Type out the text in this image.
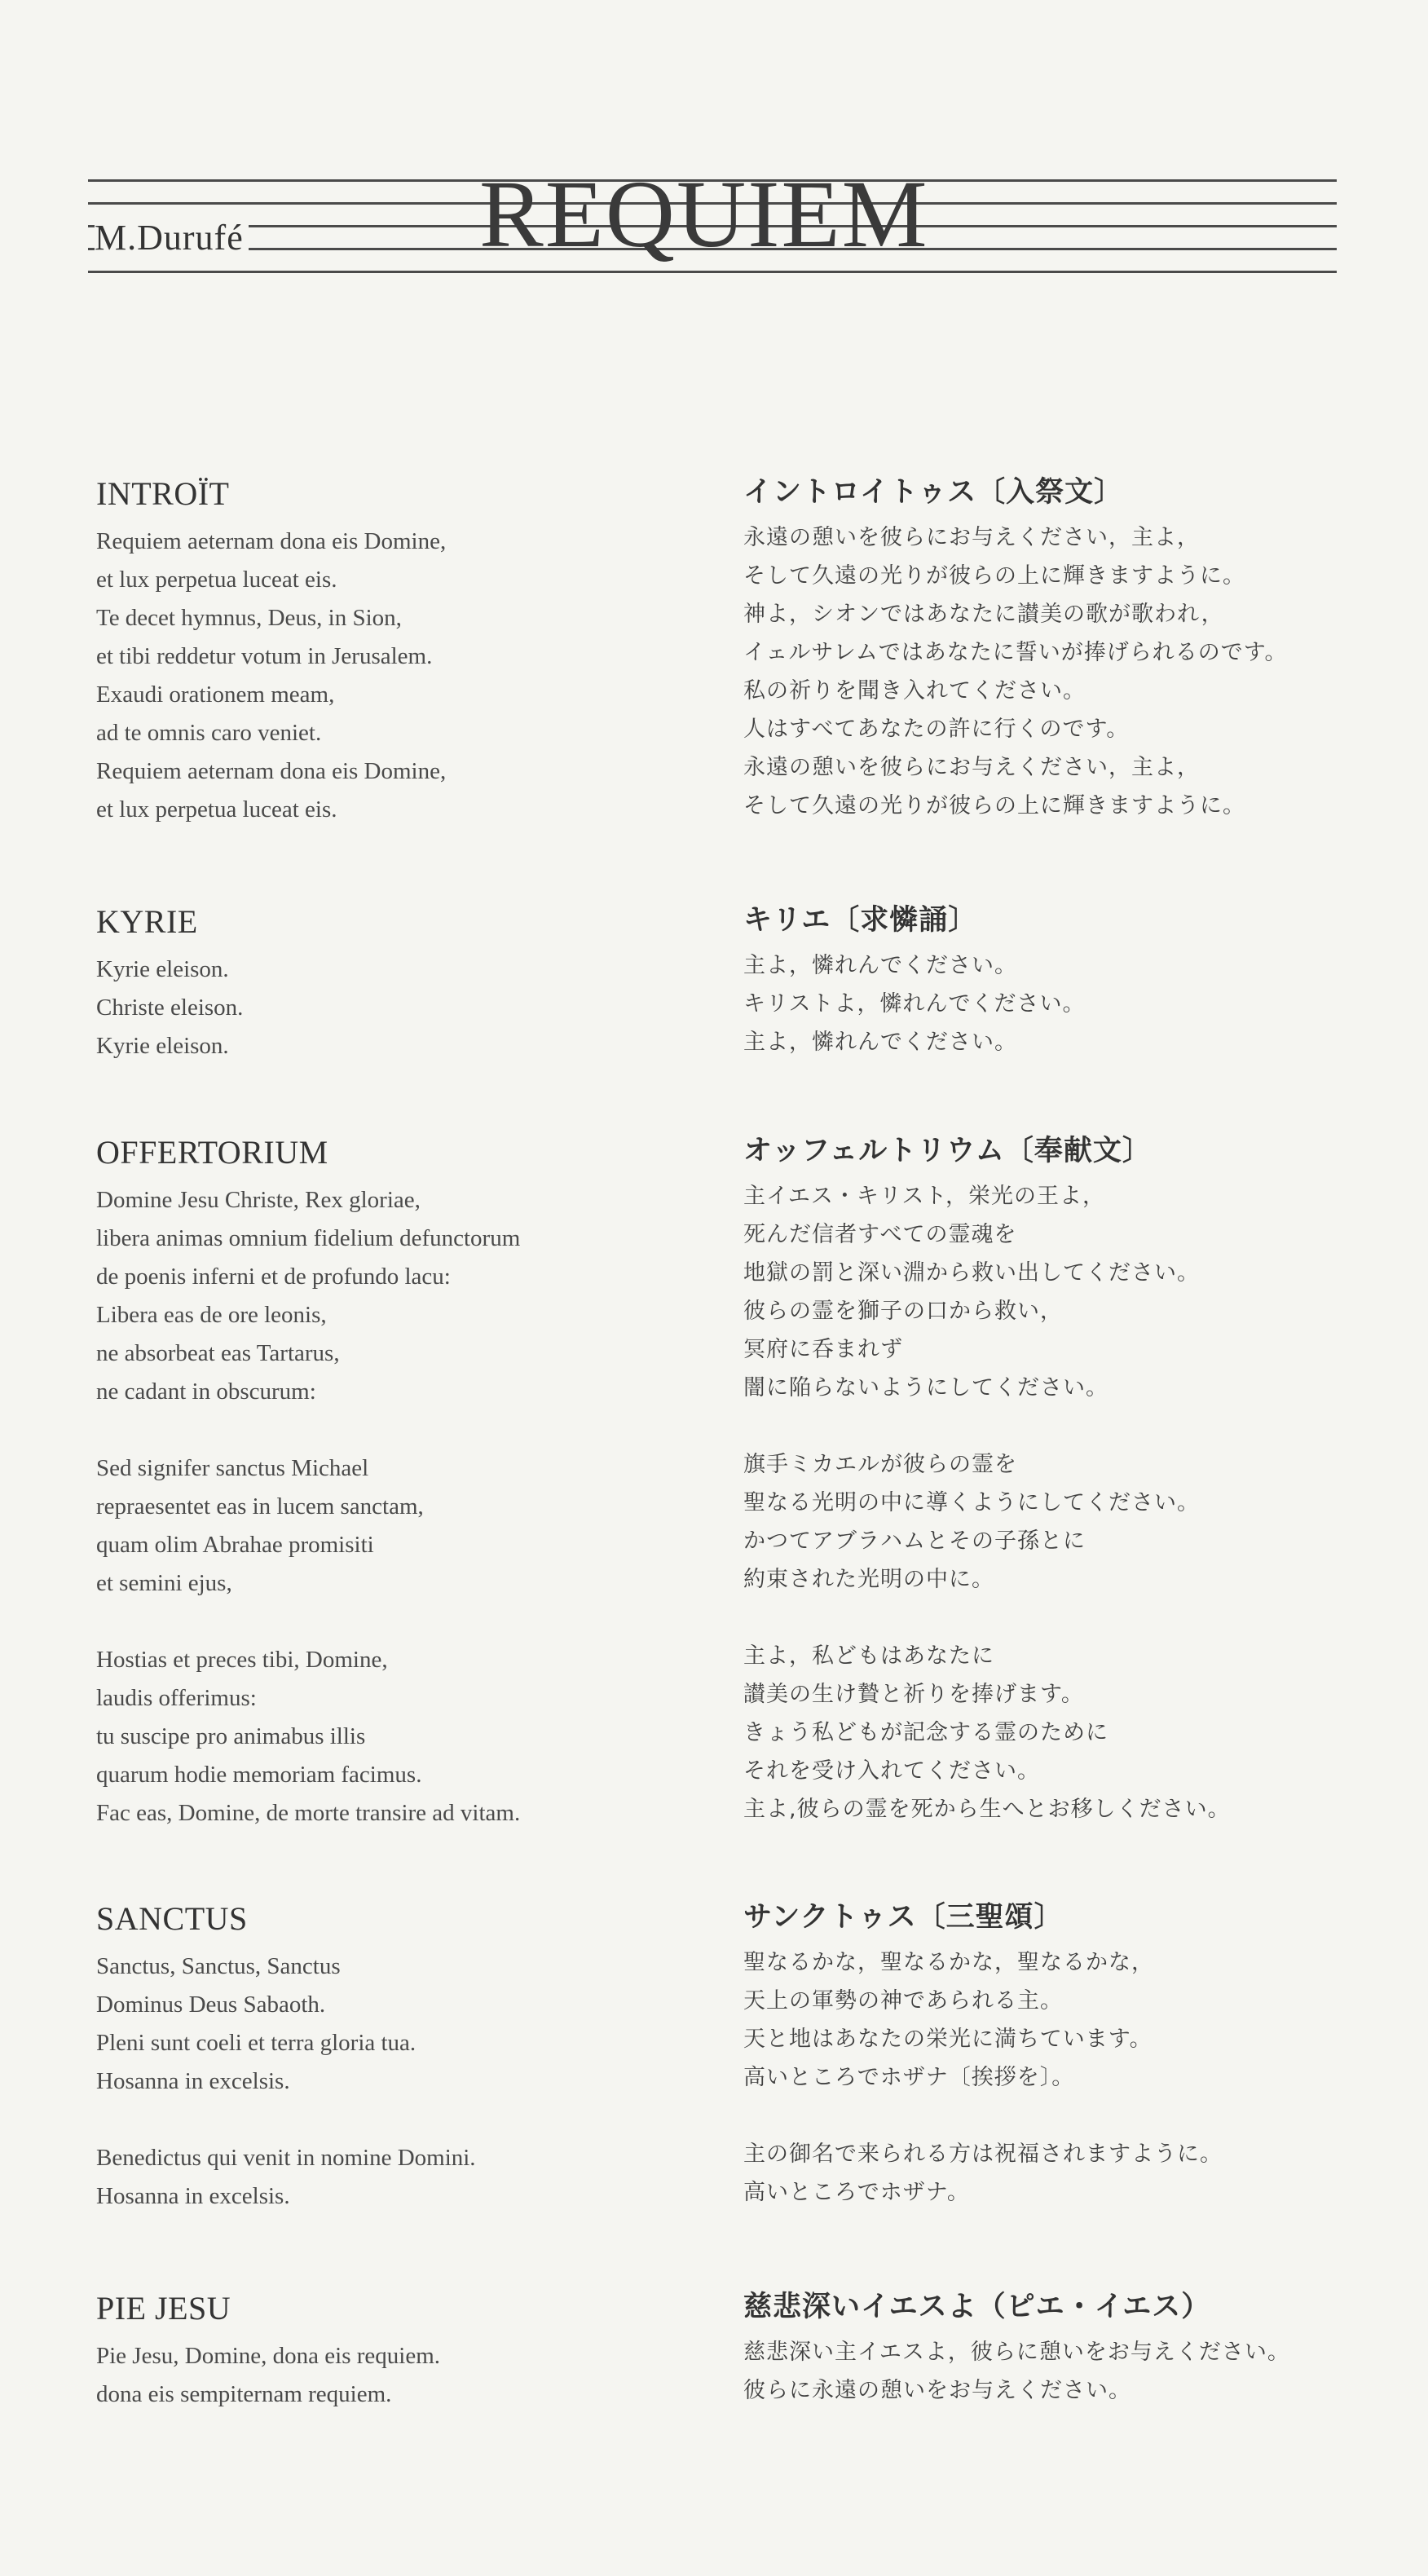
M.Durufé REQUIEM
INTROÏT
Requiem aeternam dona eis Domine,
et lux perpetua luceat eis.
Te decet hymnus, Deus, in Sion,
et tibi reddetur votum in Jerusalem.
Exaudi orationem meam,
ad te omnis caro veniet.
Requiem aeternam dona eis Domine,
et lux perpetua luceat eis.
イントロイトゥス〔入祭文〕
永遠の憩いを彼らにお与えください，主よ，
そして久遠の光りが彼らの上に輝きますように。
神よ，シオンではあなたに讃美の歌が歌われ，
イェルサレムではあなたに誓いが捧げられるのです。
私の祈りを聞き入れてください。
人はすべてあなたの許に行くのです。
永遠の憩いを彼らにお与えください，主よ，
そして久遠の光りが彼らの上に輝きますように。
KYRIE
Kyrie eleison.
Christe eleison.
Kyrie eleison.
キリエ〔求憐誦〕
主よ，憐れんでください。
キリストよ，憐れんでください。
主よ，憐れんでください。
OFFERTORIUM
Domine Jesu Christe, Rex gloriae,
libera animas omnium fidelium defunctorum
de poenis inferni et de profundo lacu:
Libera eas de ore leonis,
ne absorbeat eas Tartarus,
ne cadant in obscurum:
Sed signifer sanctus Michael
repraesentet eas in lucem sanctam,
quam olim Abrahae promisiti
et semini ejus,
Hostias et preces tibi, Domine,
laudis offerimus:
tu suscipe pro animabus illis
quarum hodie memoriam facimus.
Fac eas, Domine, de morte transire ad vitam.
オッフェルトリウム〔奉献文〕
主イエス・キリスト，栄光の王よ，
死んだ信者すべての霊魂を
地獄の罰と深い淵から救い出してください。
彼らの霊を獅子の口から救い，
冥府に呑まれず
闇に陥らないようにしてください。
旗手ミカエルが彼らの霊を
聖なる光明の中に導くようにしてください。
かつてアブラハムとその子孫とに
約束された光明の中に。
主よ，私どもはあなたに
讃美の生け贄と祈りを捧げます。
きょう私どもが記念する霊のために
それを受け入れてください。
主よ,彼らの霊を死から生へとお移しください。
SANCTUS
Sanctus, Sanctus, Sanctus
Dominus Deus Sabaoth.
Pleni sunt coeli et terra gloria tua.
Hosanna in excelsis.
Benedictus qui venit in nomine Domini.
Hosanna in excelsis.
サンクトゥス〔三聖頌〕
聖なるかな，聖なるかな，聖なるかな，
天上の軍勢の神であられる主。
天と地はあなたの栄光に満ちています。
高いところでホザナ〔挨拶を〕。
主の御名で来られる方は祝福されますように。
高いところでホザナ。
PIE JESU
Pie Jesu, Domine, dona eis requiem.
dona eis sempiternam requiem.
慈悲深いイエスよ（ピエ・イエス）
慈悲深い主イエスよ，彼らに憩いをお与えください。
彼らに永遠の憩いをお与えください。
